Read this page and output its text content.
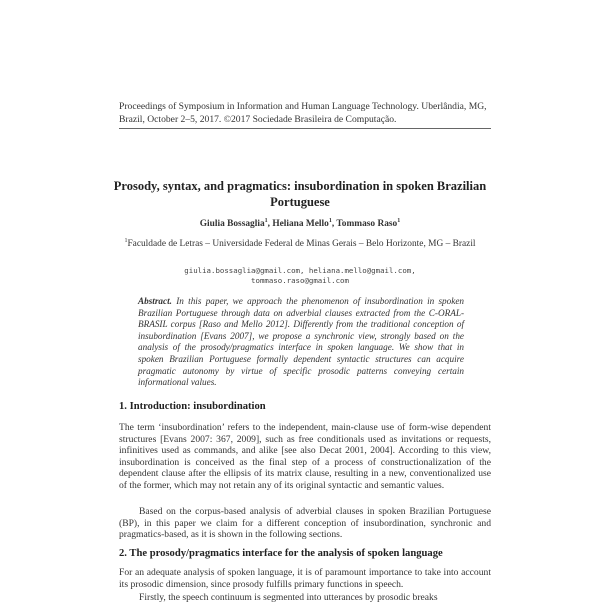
Proceedings of Symposium in Information and Human Language Technology. Uberlândia, MG, Brazil, October 2–5, 2017. ©2017 Sociedade Brasileira de Computação.
Prosody, syntax, and pragmatics: insubordination in spoken Brazilian Portuguese
Giulia Bossaglia$^1$, Heliana Mello$^1$, Tommaso Raso$^1$
$^1$Faculdade de Letras – Universidade Federal de Minas Gerais – Belo Horizonte, MG – Brazil
giulia.bossaglia@gmail.com, heliana.mello@gmail.com, tommaso.raso@gmail.com
Abstract. In this paper, we approach the phenomenon of insubordination in spoken Brazilian Portuguese through data on adverbial clauses extracted from the C-ORAL-BRASIL corpus [Raso and Mello 2012]. Differently from the traditional conception of insubordination [Evans 2007], we propose a synchronic view, strongly based on the analysis of the prosody/pragmatics interface in spoken language. We show that in spoken Brazilian Portuguese formally dependent syntactic structures can acquire pragmatic autonomy by virtue of specific prosodic patterns conveying certain informational values.
1. Introduction: insubordination
The term ‘insubordination’ refers to the independent, main-clause use of form-wise dependent structures [Evans 2007: 367, 2009], such as free conditionals used as invitations or requests, infinitives used as commands, and alike [see also Decat 2001, 2004]. According to this view, insubordination is conceived as the final step of a process of constructionalization of the dependent clause after the ellipsis of its matrix clause, resulting in a new, conventionalized use of the former, which may not retain any of its original syntactic and semantic values.
Based on the corpus-based analysis of adverbial clauses in spoken Brazilian Portuguese (BP), in this paper we claim for a different conception of insubordination, synchronic and pragmatics-based, as it is shown in the following sections.
2. The prosody/pragmatics interface for the analysis of spoken language
For an adequate analysis of spoken language, it is of paramount importance to take into account its prosodic dimension, since prosody fulfills primary functions in speech.
Firstly, the speech continuum is segmented into utterances by prosodic breaks
